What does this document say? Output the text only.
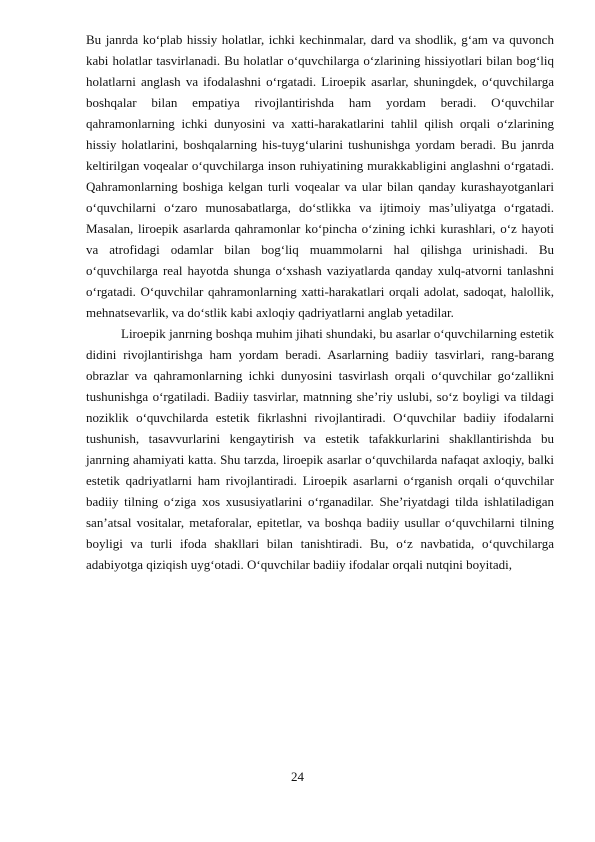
Bu janrda ko‘plab hissiy holatlar, ichki kechinmalar, dard va shodlik, g‘am va quvonch kabi holatlar tasvirlanadi. Bu holatlar o‘quvchilarga o‘zlarining hissiyotlari bilan bog‘liq holatlarni anglash va ifodalashni o‘rgatadi. Liroepik asarlar, shuningdek, o‘quvchilarga boshqalar bilan empatiya rivojlantirishda ham yordam beradi. O‘quvchilar qahramonlarning ichki dunyosini va xatti-harakatlarini tahlil qilish orqali o‘zlarining hissiy holatlarini, boshqalarning his-tuyg‘ularini tushunishga yordam beradi. Bu janrda keltirilgan voqealar o‘quvchilarga inson ruhiyatining murakkabligini anglashni o‘rgatadi. Qahramonlarning boshiga kelgan turli voqealar va ular bilan qanday kurashayotganlari o‘quvchilarni o‘zaro munosabatlarga, do‘stlikka va ijtimoiy mas’uliyatga o‘rgatadi. Masalan, liroepik asarlarda qahramonlar ko‘pincha o‘zining ichki kurashlari, o‘z hayoti va atrofidagi odamlar bilan bog‘liq muammolarni hal qilishga urinishadi. Bu o‘quvchilarga real hayotda shunga o‘xshash vaziyatlarda qanday xulq-atvorni tanlashni o‘rgatadi. O‘quvchilar qahramonlarning xatti-harakatlari orqali adolat, sadoqat, halollik, mehnatsevarlik, va do‘stlik kabi axloqiy qadriyatlarni anglab yetadilar.

Liroepik janrning boshqa muhim jihati shundaki, bu asarlar o‘quvchilarning estetik didini rivojlantirishga ham yordam beradi. Asarlarning badiiy tasvirlari, rang-barang obrazlar va qahramonlarning ichki dunyosini tasvirlash orqali o‘quvchilar go‘zallikni tushunishga o‘rgatiladi. Badiiy tasvirlar, matnning she’riy uslubi, so‘z boyligi va tildagi noziklik o‘quvchilarda estetik fikrlashni rivojlantiradi. O‘quvchilar badiiy ifodalarni tushunish, tasavvurlarini kengaytirish va estetik tafakkurlarini shakllantirishda bu janrning ahamiyati katta. Shu tarzda, liroepik asarlar o‘quvchilarda nafaqat axloqiy, balki estetik qadriyatlarni ham rivojlantiradi. Liroepik asarlarni o‘rganish orqali o‘quvchilar badiiy tilning o‘ziga xos xususiyatlarini o‘rganadilar. She’riyatdagi tilda ishlatiladigan san’atsal vositalar, metaforalar, epitetlar, va boshqa badiiy usullar o‘quvchilarni tilning boyligi va turli ifoda shakllari bilan tanishtiradi. Bu, o‘z navbatida, o‘quvchilarga adabiyotga qiziqish uyg‘otadi. O‘quvchilar badiiy ifodalar orqali nutqini boyitadi,

24
